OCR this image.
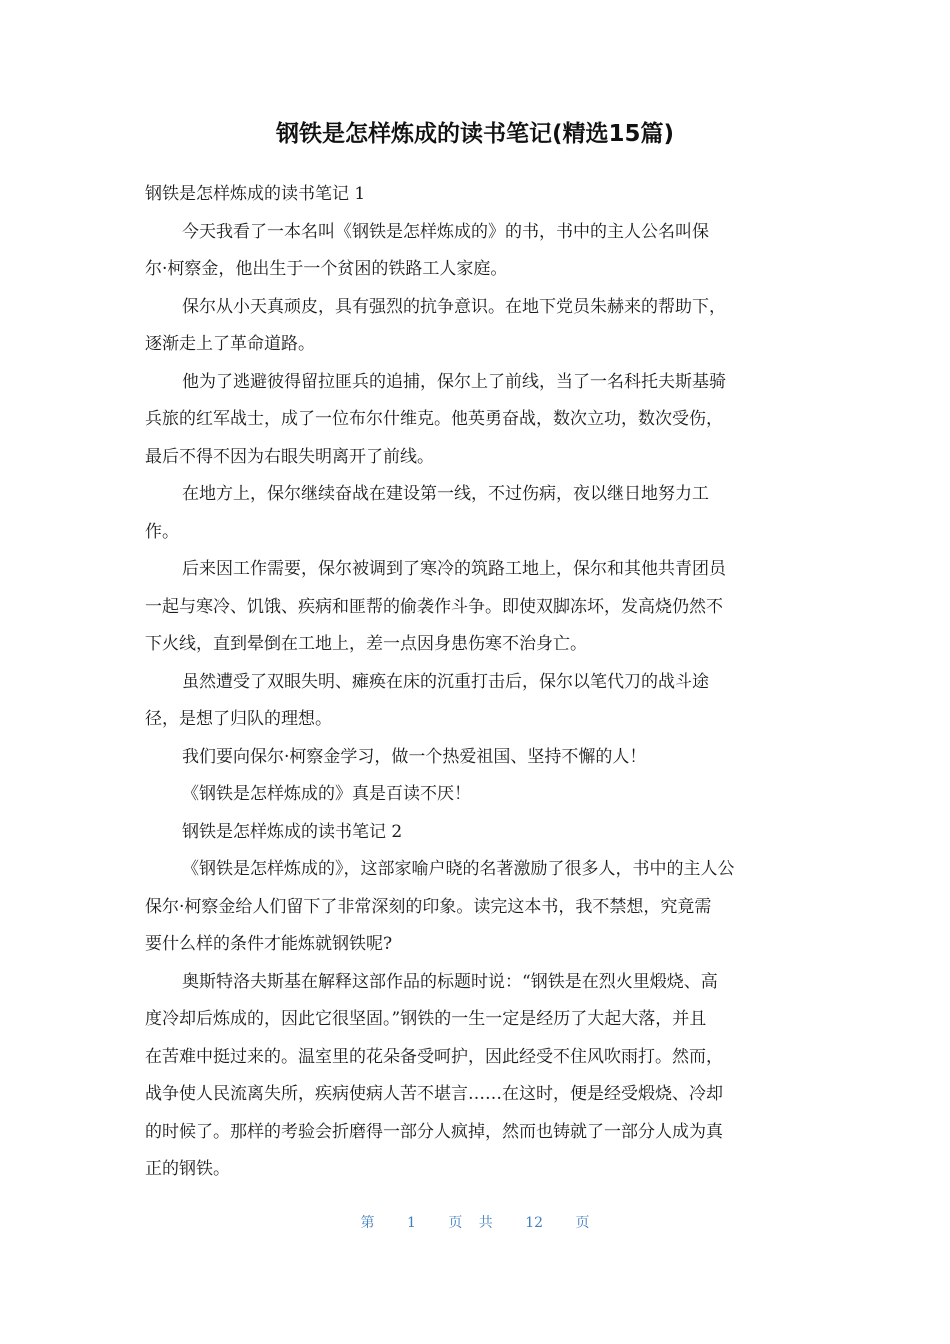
钢铁是怎样炼成的读书笔记(精选15篇)

钢铁是怎样炼成的读书笔记 1

今天我看了一本名叫《钢铁是怎样炼成的》的书，书中的主人公名叫保
尔·柯察金，他出生于一个贫困的铁路工人家庭。

保尔从小天真顽皮，具有强烈的抗争意识。在地下党员朱赫来的帮助下，
逐渐走上了革命道路。

他为了逃避彼得留拉匪兵的追捕，保尔上了前线，当了一名科托夫斯基骑
兵旅的红军战士，成了一位布尔什维克。他英勇奋战，数次立功，数次受伤，
最后不得不因为右眼失明离开了前线。

在地方上，保尔继续奋战在建设第一线，不过伤病，夜以继日地努力工
作。

后来因工作需要，保尔被调到了寒冷的筑路工地上，保尔和其他共青团员
一起与寒冷、饥饿、疾病和匪帮的偷袭作斗争。即使双脚冻坏，发高烧仍然不
下火线，直到晕倒在工地上，差一点因身患伤寒不治身亡。

虽然遭受了双眼失明、瘫痪在床的沉重打击后，保尔以笔代刀的战斗途
径，是想了归队的理想。

我们要向保尔·柯察金学习，做一个热爱祖国、坚持不懈的人！

《钢铁是怎样炼成的》真是百读不厌！

钢铁是怎样炼成的读书笔记 2

《钢铁是怎样炼成的》，这部家喻户晓的名著激励了很多人，书中的主人公
保尔·柯察金给人们留下了非常深刻的印象。读完这本书，我不禁想，究竟需
要什么样的条件才能炼就钢铁呢?

奥斯特洛夫斯基在解释这部作品的标题时说：“钢铁是在烈火里煅烧、高
度冷却后炼成的，因此它很坚固。”钢铁的一生一定是经历了大起大落，并且
在苦难中挺过来的。温室里的花朵备受呵护，因此经受不住风吹雨打。然而，
战争使人民流离失所，疾病使病人苦不堪言……在这时，便是经受煅烧、冷却
的时候了。那样的考验会折磨得一部分人疯掉，然而也铸就了一部分人成为真
正的钢铁。

第 1 页 共 12 页
